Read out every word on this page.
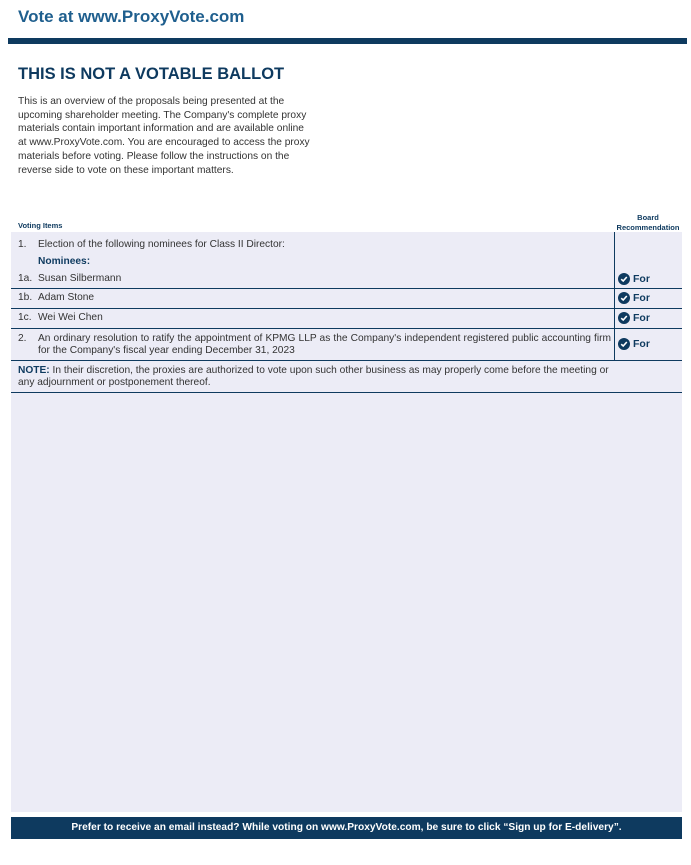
Vote at www.ProxyVote.com
THIS IS NOT A VOTABLE BALLOT
This is an overview of the proposals being presented at the
upcoming shareholder meeting. The Company's complete proxy
materials contain important information and are available online
at www.ProxyVote.com. You are encouraged to access the proxy
materials before voting. Please follow the instructions on the
reverse side to vote on these important matters.
Voting Items
Board
Recommendation
1. Election of the following nominees for Class II Director:
Nominees:
1a. Susan Silbermann	For
1b. Adam Stone	For
1c. Wei Wei Chen	For
2. An ordinary resolution to ratify the appointment of KPMG LLP as the Company's independent registered public accounting firm for the Company's fiscal year ending December 31, 2023	For
NOTE: In their discretion, the proxies are authorized to vote upon such other business as may properly come before the meeting or any adjournment or postponement thereof.
Prefer to receive an email instead? While voting on www.ProxyVote.com, be sure to click “Sign up for E-delivery”.
